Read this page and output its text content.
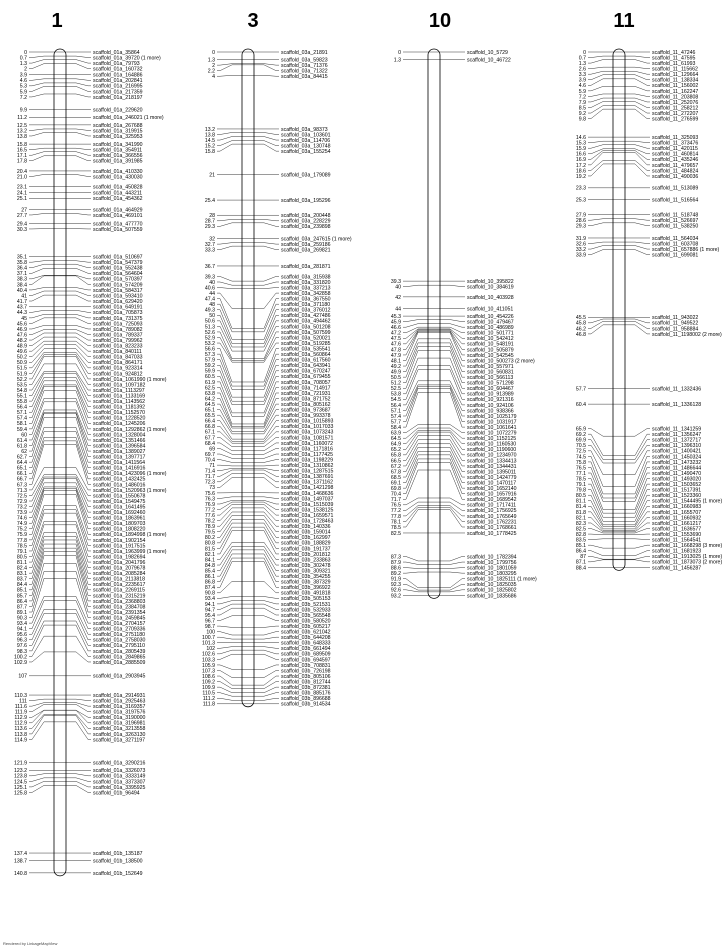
1
0	scaffold_01a_35864
0.7	scaffold_01a_39720 (1 more)
1.3	scaffold_01a_79793
2	scaffold_01a_160732
3.9	scaffold_01a_164886
4.6	scaffold_01a_202841
5.3	scaffold_01a_216995
5.9	scaffold_01a_217359
7.2	scaffold_01a_218197
9.9	scaffold_01a_229620
11.2	scaffold_01a_246021 (1 more)
12.5	scaffold_01a_267688
13.2	scaffold_01a_319915
13.8	scaffold_01a_325953
15.8	scaffold_01a_341990
16.5	scaffold_01a_354911
17.1	scaffold_01a_366556
17.8	scaffold_01a_391985
20.4	scaffold_01a_410330
21.0	scaffold_01a_430030
23.1	scaffold_01a_450828
24.1	scaffold_01a_443211
25.1	scaffold_01a_454362
27	scaffold_01a_464929
27.7	scaffold_01a_469101
29.4	scaffold_01a_477770
30.3	scaffold_01a_507559
35.1	scaffold_01a_510697
35.8	scaffold_01a_547379
36.4	scaffold_01a_552438
37.1	scaffold_01a_564604
38.3	scaffold_01a_570397
38.4	scaffold_01a_574209
40.4	scaffold_01a_584317
41	scaffold_01a_593410
41.7	scaffold_01a_629420
43.7	scaffold_01a_649191
44.3	scaffold_01a_705873
45	scaffold_01a_731375
45.6	scaffold_01a_725093
46.9	scaffold_01a_789082
47.6	scaffold_01a_789337
48.2	scaffold_01a_799962
48.9	scaffold_01a_823233
49.6	scaffold_01a_840111
50.2	scaffold_01a_847033
50.9	scaffold_01a_864171
51.5	scaffold_01a_923314
51.9	scaffold_01a_924812
52.2	scaffold_01a_1061990 (1 more)
53.5	scaffold_01a_1097182
54.8	scaffold_01a_1113297
55.1	scaffold_01a_1133169
55.8	scaffold_01a_1143562
56.4	scaffold_01a_1181392
57.1	scaffold_01a_1152570
57.4	scaffold_01a_1228520
58.1	scaffold_01a_1245206
59.4	scaffold_01a_1292862 (1 more)
60	scaffold_01a_1328004
61.4	scaffold_01a_1351466
61.8	scaffold_01a_1396584
62	scaffold_01a_1389027
62.7	scaffold_01a_1397717
64.4	scaffold_01a_1411564
65.1	scaffold_01a_1416916
66.1	scaffold_01a_1423096 (1 more)
66.7	scaffold_01a_1432425
67.3	scaffold_01a_1486016
71.3	scaffold_01a_1520963 (1 more)
72.5	scaffold_01a_1550678
72.9	scaffold_01a_1549475
73.2	scaffold_01a_1641495
73.9	scaffold_01a_1692460
74.6	scaffold_01a_1863961
74.9	scaffold_01a_1809703
75.2	scaffold_01a_1808220
75.9	scaffold_01a_1894998 (1 more)
77.8	scaffold_01a_1902154
78.5	scaffold_01a_1917515
79.1	scaffold_01a_1963999 (1 more)
80.5	scaffold_01a_1982694
81.1	scaffold_01a_2041796
82.4	scaffold_01a_2079678
83.1	scaffold_01a_2085284
83.7	scaffold_01a_2113818
84.4	scaffold_01a_2235617
85.1	scaffold_01a_2269115
85.7	scaffold_01a_2315219
86.4	scaffold_01a_2368803
87.7	scaffold_01a_2384708
89.1	scaffold_01a_2391354
90.3	scaffold_01a_2459845
93.4	scaffold_01a_2704157
94.1	scaffold_01a_2709336
95.6	scaffold_01a_2751180
96.3	scaffold_01a_2758030
97.6	scaffold_01a_2795110
98.3	scaffold_01a_2805439
100.2	scaffold_01a_2849865
102.9	scaffold_01a_2885509
107	scaffold_01a_2903945
110.3	scaffold_01a_2914931
111	scaffold_01a_2925463
111.6	scaffold_01a_3169357
111.9	scaffold_01a_3197576
112.9	scaffold_01a_3190000
112.9	scaffold_01a_3196981
113.6	scaffold_01a_3213558
113.8	scaffold_01a_3263130
114.9	scaffold_01a_3271197
121.9	scaffold_01a_3290216
123.2	scaffold_01a_3326073
123.8	scaffold_01a_3333149
124.5	scaffold_01a_3373307
125.1	scaffold_01a_3395925
125.8	scaffold_01b_96494
137.4	scaffold_01b_135187
138.7	scaffold_01b_138500
140.8	scaffold_01b_152649
3
0	scaffold_03a_21891
1.3	scaffold_03a_59823
2	scaffold_03a_71376
2.2	scaffold_03a_71322
4	scaffold_03a_84415
13.2	scaffold_03a_98373
13.8	scaffold_03a_103601
14.5	scaffold_03a_114706
15.2	scaffold_03a_130748
15.8	scaffold_03a_155254
21	scaffold_03a_179089
25.4	scaffold_03a_195296
28	scaffold_03a_200448
28.7	scaffold_03a_228229
29.3	scaffold_03a_239898
32	scaffold_03a_247615 (1 more)
32.7	scaffold_03a_259186
33.3	scaffold_03a_269821
36.7	scaffold_03a_281871
39.3	scaffold_03a_315938
40	scaffold_03a_331820
40.6	scaffold_03a_337213
44	scaffold_03a_342858
47.4	scaffold_03a_367550
48	scaffold_03a_371180
49.3	scaffold_03a_376012
50	scaffold_03a_427486
50.6	scaffold_03a_494462
51.3	scaffold_03a_501208
52.6	scaffold_03a_507599
52.9	scaffold_03a_520021
53.2	scaffold_03a_519285
56.6	scaffold_03a_535541
57.3	scaffold_03a_560864
57.9	scaffold_03a_617560
59.2	scaffold_03a_643941
59.9	scaffold_03a_670247
60.5	scaffold_03a_679455
61.9	scaffold_03a_708057
62.5	scaffold_03a_714917
63.8	scaffold_03a_721931
64.2	scaffold_03a_871752
64.5	scaffold_03a_805162
65.1	scaffold_03a_973687
65.5	scaffold_03a_993378
66.4	scaffold_03a_1015893
66.8	scaffold_03a_1017033
67.1	scaffold_03a_1073243
67.7	scaffold_03a_1081571
68.4	scaffold_03a_1160072
69	scaffold_03a_1171816
69.7	scaffold_03a_1177425
70.4	scaffold_03a_1198229
71	scaffold_03a_1310862
71.4	scaffold_03a_1287515
71.7	scaffold_03a_1387691
72.3	scaffold_03a_1371162
73	scaffold_03a_1421298
75.6	scaffold_03a_1468636
76.3	scaffold_03a_1497037
76.9	scaffold_03a_1515039
77.2	scaffold_03a_1538125
77.6	scaffold_03a_1659571
78.2	scaffold_03a_1728463
78.9	scaffold_03b_140336
79.5	scaffold_03b_159014
80.2	scaffold_03b_162997
80.8	scaffold_03b_188829
81.5	scaffold_03b_191737
82.1	scaffold_03b_201812
84.1	scaffold_03b_233863
84.8	scaffold_03b_302478
85.4	scaffold_03b_309321
86.1	scaffold_03b_354255
86.8	scaffold_03b_387329
87.4	scaffold_03b_396922
90.8	scaffold_03b_491818
93.4	scaffold_03b_505153
94.1	scaffold_03b_521531
94.7	scaffold_03b_532933
95.4	scaffold_03b_565548
96.7	scaffold_03b_580520
98.7	scaffold_03b_605217
100	scaffold_03b_621042
100.7	scaffold_03b_644208
101.3	scaffold_03b_648333
102	scaffold_03b_661494
102.6	scaffold_03b_689509
103.3	scaffold_03b_694597
105.9	scaffold_03b_708831
107.3	scaffold_03b_726198
108.6	scaffold_03b_805106
109.2	scaffold_03b_812744
109.9	scaffold_03b_872381
110.5	scaffold_03b_885176
111.2	scaffold_03b_896688
111.8	scaffold_03b_914534
10
0	scaffold_10_5729
1.3	scaffold_10_46722
39.3	scaffold_10_395822
40	scaffold_10_384619
42	scaffold_10_403928
44	scaffold_10_411051
45.3	scaffold_10_454226
45.9	scaffold_10_479467
46.6	scaffold_10_486989
47.2	scaffold_10_501771
47.5	scaffold_10_542412
47.6	scaffold_10_548191
47.8	scaffold_10_505879
47.9	scaffold_10_542545
48.1	scaffold_10_500273 (2 more)
49.2	scaffold_10_557971
49.9	scaffold_10_560831
50.5	scaffold_10_566113
51.2	scaffold_10_571298
52.5	scaffold_10_604467
53.8	scaffold_10_913989
54.5	scaffold_10_921316
56.4	scaffold_10_924106
57.1	scaffold_10_938366
57.4	scaffold_10_1025179
57.7	scaffold_10_1031917
58.4	scaffold_10_1061641
63.9	scaffold_10_1072279
64.5	scaffold_10_1152125
64.9	scaffold_10_1160530
65.2	scaffold_10_1190600
65.8	scaffold_10_1234970
66.5	scaffold_10_1334413
67.2	scaffold_10_1344431
67.8	scaffold_10_1395011
68.5	scaffold_10_1424779
69.1	scaffold_10_1470117
69.8	scaffold_10_1652140
70.4	scaffold_10_1657916
71.7	scaffold_10_1689542
76.5	scaffold_10_1717411
77.2	scaffold_10_1756925
77.8	scaffold_10_1765649
78.1	scaffold_10_1762231
78.5	scaffold_10_1768661
82.5	scaffold_10_1778425
87.3	scaffold_10_1782394
87.9	scaffold_10_1799756
88.6	scaffold_10_1801059
89.2	scaffold_10_1803295
91.9	scaffold_10_1825111 (1 more)
92.3	scaffold_10_1825035
92.6	scaffold_10_1825802
93.2	scaffold_10_1835686
11
0	scaffold_11_47246
0.7	scaffold_11_47595
1.3	scaffold_11_61993
2.6	scaffold_11_115662
3.3	scaffold_11_129664
3.9	scaffold_11_138334
4.6	scaffold_11_156002
5.9	scaffold_11_162247
7.2	scaffold_11_203808
7.9	scaffold_11_252076
8.5	scaffold_11_258212
9.2	scaffold_11_272207
9.8	scaffold_11_276599
14.6	scaffold_11_325093
15.3	scaffold_11_373476
15.9	scaffold_11_420115
16.6	scaffold_11_460814
16.9	scaffold_11_435246
17.2	scaffold_11_479657
18.6	scaffold_11_484824
19.2	scaffold_11_490036
23.3	scaffold_11_513089
25.3	scaffold_11_516564
27.9	scaffold_11_518748
28.6	scaffold_11_526697
29.3	scaffold_11_538250
31.9	scaffold_11_564034
32.6	scaffold_11_603708
33.2	scaffold_11_657886 (1 more)
33.9	scaffold_11_699081
45.5	scaffold_11_943022
45.8	scaffold_11_949522
46.2	scaffold_11_958884
46.8	scaffold_11_1198002 (2 more)
57.7	scaffold_11_1332436
60.4	scaffold_11_1336128
65.9	scaffold_11_1341259
69.2	scaffold_11_1356247
69.9	scaffold_11_1372717
70.5	scaffold_11_1396310
72.5	scaffold_11_1400421
74.5	scaffold_11_1450324
75.8	scaffold_11_1473232
76.5	scaffold_11_1486644
77.1	scaffold_11_1490470
78.5	scaffold_11_1493020
79.1	scaffold_11_1503652
79.8	scaffold_11_1517391
80.5	scaffold_11_1523360
81.1	scaffold_11_1544495 (1 more)
81.4	scaffold_11_1660983
81.8	scaffold_11_1655707
82.1	scaffold_11_1660932
82.3	scaffold_11_1661217
82.5	scaffold_11_1636577
82.8	scaffold_11_1553690
83.5	scaffold_11_1564541
85.1	scaffold_11_1668298 (3 more)
86.4	scaffold_11_1681923
87	scaffold_11_1913025 (1 more)
87.1	scaffold_11_1873073 (2 more)
88.4	scaffold_11_1456287
Rendered by LinkageMapView
